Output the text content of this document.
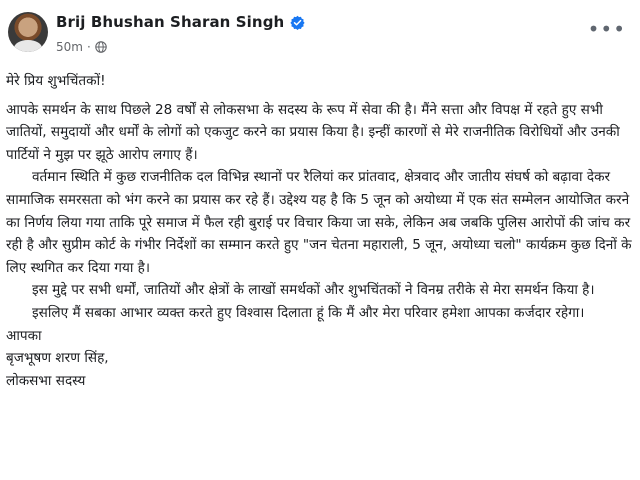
Brij Bhushan Sharan Singh
50m ·
•••

मेरे प्रिय शुभचिंतकों!

आपके समर्थन के साथ पिछले 28 वर्षों से लोकसभा के सदस्य के रूप में सेवा की है। मैंने सत्ता और विपक्ष में रहते हुए सभी जातियों, समुदायों और धर्मों के लोगों को एकजुट करने का प्रयास किया है। इन्हीं कारणों से मेरे राजनीतिक विरोधियों और उनकी पार्टियों ने मुझ पर झूठे आरोप लगाए हैं।

वर्तमान स्थिति में कुछ राजनीतिक दल विभिन्न स्थानों पर रैलियां कर प्रांतवाद, क्षेत्रवाद और जातीय संघर्ष को बढ़ावा देकर सामाजिक समरसता को भंग करने का प्रयास कर रहे हैं। उद्देश्य यह है कि 5 जून को अयोध्या में एक संत सम्मेलन आयोजित करने का निर्णय लिया गया ताकि पूरे समाज में फैल रही बुराई पर विचार किया जा सके, लेकिन अब जबकि पुलिस आरोपों की जांच कर रही है और सुप्रीम कोर्ट के गंभीर निर्देशों का सम्मान करते हुए "जन चेतना महाराली, 5 जून, अयोध्या चलो" कार्यक्रम कुछ दिनों के लिए स्थगित कर दिया गया है।

इस मुद्दे पर सभी धर्मों, जातियों और क्षेत्रों के लाखों समर्थकों और शुभचिंतकों ने विनम्र तरीके से मेरा समर्थन किया है।

इसलिए मैं सबका आभार व्यक्त करते हुए विश्वास दिलाता हूं कि मैं और मेरा परिवार हमेशा आपका कर्जदार रहेगा।

आपका

बृजभूषण शरण सिंह,

लोकसभा सदस्य
